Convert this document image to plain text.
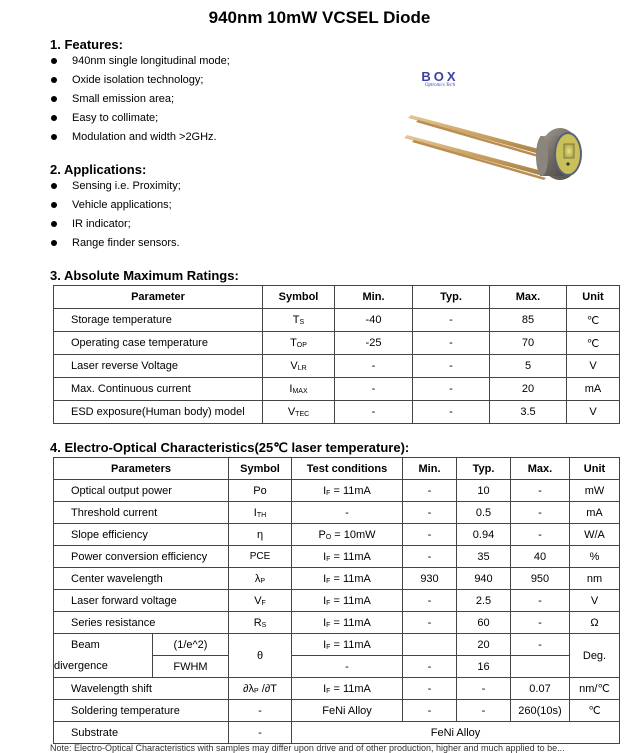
940nm 10mW VCSEL Diode
1. Features:
940nm single longitudinal mode;
Oxide isolation technology;
Small emission area;
Easy to collimate;
Modulation and width >2GHz.
BOX
Optronics Tech
2. Applications:
Sensing i.e. Proximity;
Vehicle applications;
IR indicator;
Range finder sensors.
3. Absolute Maximum Ratings:
Parameter	Symbol	Min.	Typ.	Max.	Unit
Storage temperature	TS	-40	-	85	℃
Operating case temperature	TOP	-25	-	70	℃
Laser reverse Voltage	VLR	-	-	5	V
Max. Continuous current	IMAX	-	-	20	mA
ESD exposure(Human body) model	VTEC	-	-	3.5	V
4. Electro-Optical Characteristics(25℃ laser temperature):
Parameters		Symbol	Test conditions	Min.	Typ.	Max.	Unit
Optical output power		Po	IF = 11mA	-	10	-	mW
Threshold current		ITH	-	-	0.5	-	mA
Slope efficiency		η	PO = 10mW	-	0.94	-	W/A
Power conversion efficiency		PCE	IF = 11mA	-	35	40	%
Center wavelength		λP	IF = 11mA	930	940	950	nm
Laser forward voltage		VF	IF = 11mA	-	2.5	-	V
Series resistance		RS	IF = 11mA	-	60	-	Ω
Beam	(1/e^2)	θ	IF = 11mA		20	-	Deg.
divergence	FWHM		-	-	16		
Wavelength shift		∂λP /∂T	IF = 11mA	-	-	0.07	nm/℃
Soldering temperature		-	FeNi Alloy	-	-	260(10s)	℃
Substrate		-	FeNi Alloy				
Note: Electro-Optical Characteristics with samples may differ upon drive and of other production, higher and much applied to be...
